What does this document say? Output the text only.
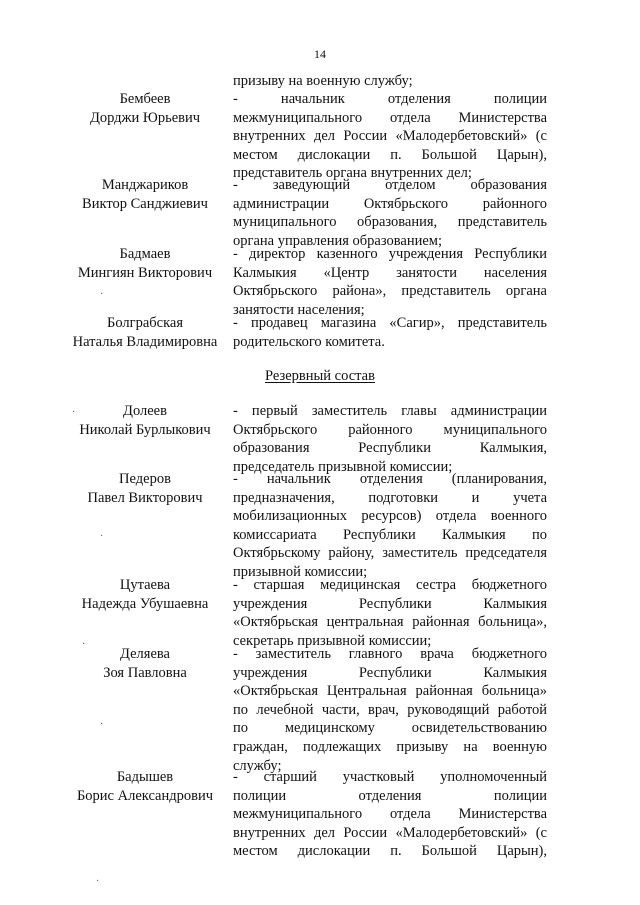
14
призыву на военную службу;
Бембеев
Дорджи Юрьевич
-    начальник    отделения    полиции
межмуниципального отдела Министерства
внутренних дел России «Малодербетовский» (с
местом дислокации п. Большой Царын),
представитель органа внутренних дел;
Манджариков
Виктор Санджиевич
-   заведующий   отделом   образования
администрации Октябрьского районного
муниципального образования, представитель
органа управления образованием;
Бадмаев
Мингиян Викторович
- директор казенного учреждения Республики
Калмыкия «Центр занятости населения
Октябрьского района», представитель органа
занятости населения;
Болграбская
Наталья Владимировна
- продавец магазина «Сагир», представитель
родительского комитета.
Резервный состав
Долеев
Николай Бурлыкович
- первый заместитель главы администрации
Октябрьского районного муниципального
образования Республики Калмыкия,
председатель призывной комиссии;
Педеров
Павел Викторович
-    начальник    отделения    (планирования,
предназначения, подготовки и учета
мобилизационных ресурсов) отдела военного
комиссариата Республики Калмыкия по
Октябрьскому району, заместитель председателя
призывной комиссии;
Цутаева
Надежда Убушаевна
- старшая медицинская сестра бюджетного
учреждения Республики Калмыкия
«Октябрьская центральная районная больница»,
секретарь призывной комиссии;
Деляева
Зоя Павловна
- заместитель главного врача бюджетного
учреждения Республики Калмыкия
«Октябрьская Центральная районная больница»
по лечебной части, врач, руководящий работой
по медицинскому освидетельствованию
граждан, подлежащих призыву на военную
службу;
Бадышев
Борис Александрович
-    старший    участковый    уполномоченный
полиции отделения полиции
межмуниципального отдела Министерства
внутренних дел России «Малодербетовский» (с
местом дислокации п. Большой Царын),
·
·
·
·
·
·
